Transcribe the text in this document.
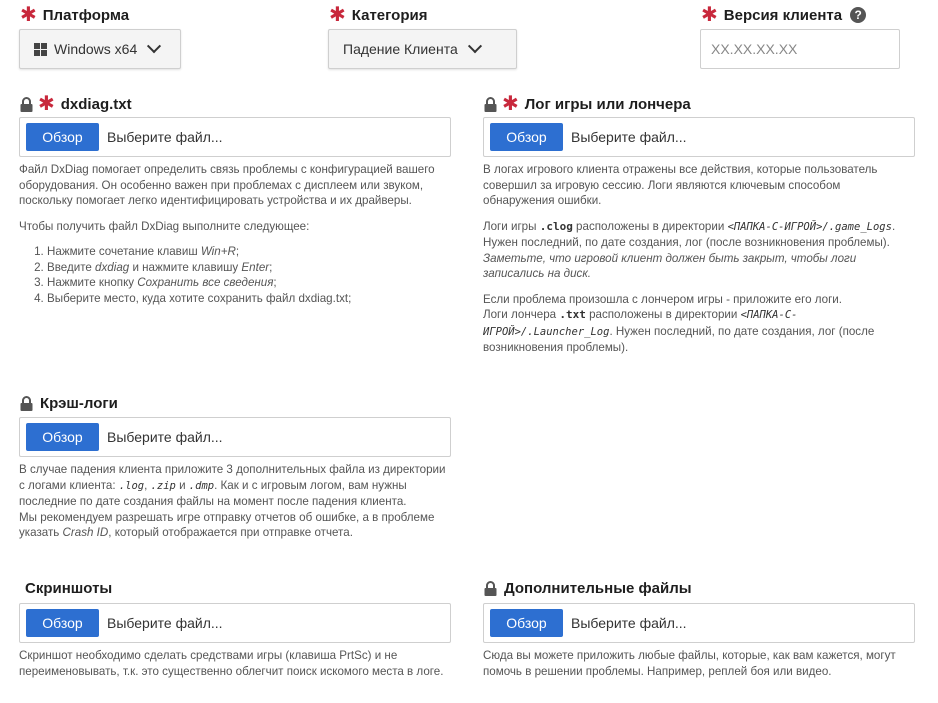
✱ Платформа
Windows x64
✱ Категория
Падение Клиента
✱ Версия клиента	?
XX.XX.XX.XX
✱ dxdiag.txt
Обзор	Выберите файл...

Файл DxDiag помогает определить связь проблемы с конфигурацией вашего оборудования. Он особенно важен при проблемах с дисплеем или звуком, поскольку помогает легко идентифицировать устройства и их драйверы.

Чтобы получить файл DxDiag выполните следующее:

1. Нажмите сочетание клавиш Win+R;
2. Введите dxdiag и нажмите клавишу Enter;
3. Нажмите кнопку Сохранить все сведения;
4. Выберите место, куда хотите сохранить файл dxdiag.txt;
✱ Лог игры или лончера
Обзор	Выберите файл...

В логах игрового клиента отражены все действия, которые пользователь совершил за игровую сессию. Логи являются ключевым способом обнаружения ошибки.

Логи игры .clog расположены в директории <ПАПКА-С-ИГРОЙ>/.game_Logs. Нужен последний, по дате создания, лог (после возникновения проблемы).

Заметьте, что игровой клиент должен быть закрыт, чтобы логи записались на диск.

Если проблема произошла с лончером игры - приложите его логи.

Логи лончера .txt расположены в директории <ПАПКА-С-ИГРОЙ>/.Launcher_Log. Нужен последний, по дате создания, лог (после возникновения проблемы).

Крэш-логи
Обзор	Выберите файл...

В случае падения клиента приложите 3 дополнительных файла из директории с логами клиента: .log, .zip и .dmp. Как и с игровым логом, вам нужны последние по дате создания файлы на момент после падения клиента.

Мы рекомендуем разрешать игре отправку отчетов об ошибке, а в проблеме указать Crash ID, который отображается при отправке отчета.

Скриншоты
Обзор	Выберите файл...

Скриншот необходимо сделать средствами игры (клавиша PrtSc) и не переименовывать, т.к. это существенно облегчит поиск искомого места в логе.

Дополнительные файлы
Обзор	Выберите файл...

Сюда вы можете приложить любые файлы, которые, как вам кажется, могут помочь в решении проблемы. Например, реплей боя или видео.
